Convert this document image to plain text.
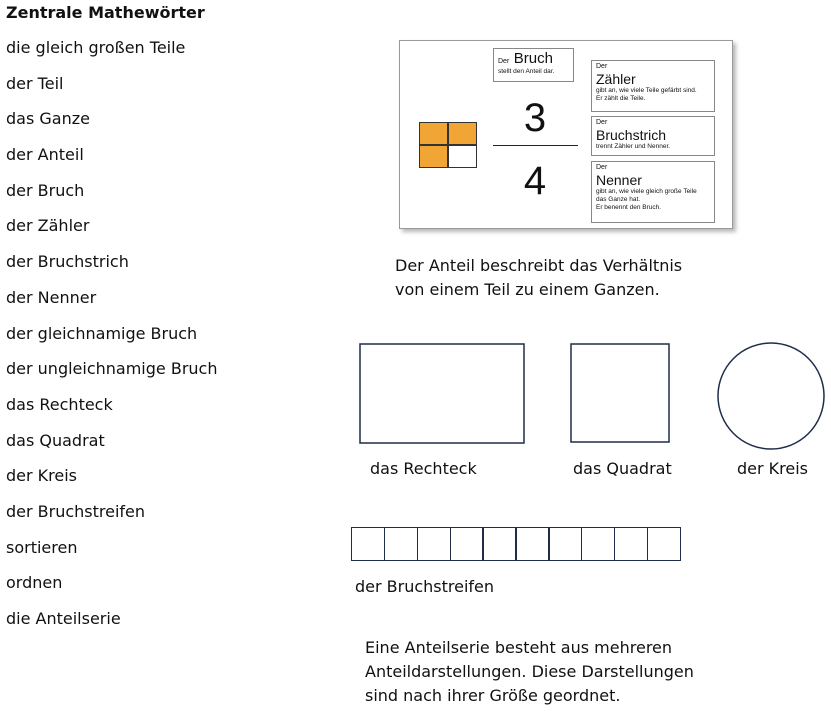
Zentrale Mathewörter
die gleich großen Teile
der Teil
das Ganze
der Anteil
der Bruch
der Zähler
der Bruchstrich
der Nenner
der gleichnamige Bruch
der ungleichnamige Bruch
das Rechteck
das Quadrat
der Kreis
der Bruchstreifen
sortieren
ordnen
die Anteilserie
Der Bruch
stellt den Anteil dar.
3
4
Der
Zähler
gibt an, wie viele Teile gefärbt sind.
Er zählt die Teile.
Der
Bruchstrich
trennt Zähler und Nenner.
Der
Nenner
gibt an, wie viele gleich große Teile
das Ganze hat.
Er benennt den Bruch.
Der Anteil beschreibt das Verhältnis
von einem Teil zu einem Ganzen.
das Rechteck	das Quadrat	der Kreis
der Bruchstreifen
Eine Anteilserie besteht aus mehreren
Anteildarstellungen. Diese Darstellungen
sind nach ihrer Größe geordnet.
